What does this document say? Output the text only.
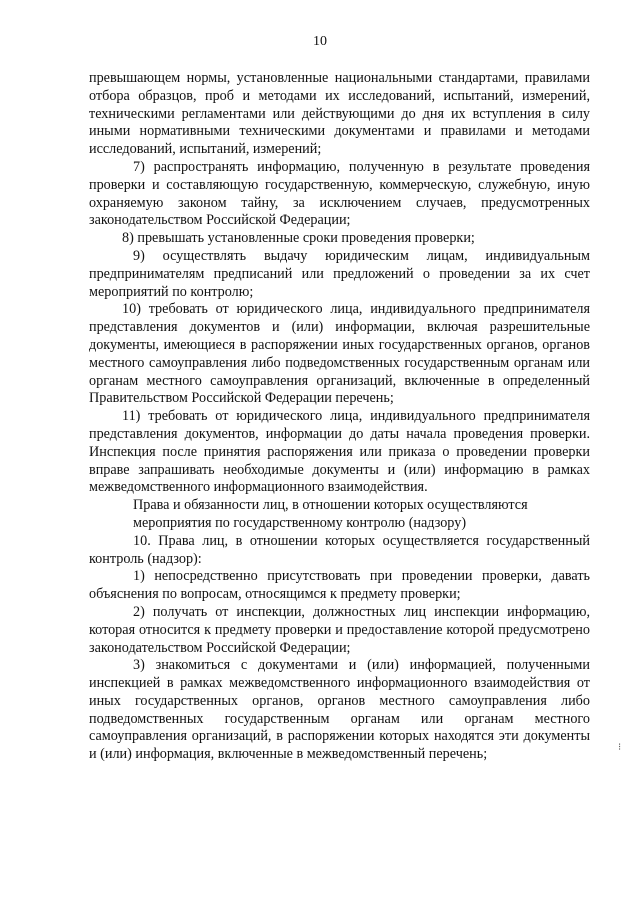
10

превышающем нормы, установленные национальными стандартами, правилами отбора образцов, проб и методами их исследований, испытаний, измерений, техническими регламентами или действующими до дня их вступления в силу иными нормативными техническими документами и правилами и методами исследований, испытаний, измерений;

7) распространять информацию, полученную в результате проведения проверки и составляющую государственную, коммерческую, служебную, иную охраняемую законом тайну, за исключением случаев, предусмотренных законодательством Российской Федерации;

8) превышать установленные сроки проведения проверки;

9) осуществлять выдачу юридическим лицам, индивидуальным предпринимателям предписаний или предложений о проведении за их счет мероприятий по контролю;

10) требовать от юридического лица, индивидуального предпринимателя представления документов и (или) информации, включая разрешительные документы, имеющиеся в распоряжении иных государственных органов, органов местного самоуправления либо подведомственных государственным органам или органам местного самоуправления организаций, включенные в определенный Правительством Российской Федерации перечень;

11) требовать от юридического лица, индивидуального предпринимателя представления документов, информации до даты начала проведения проверки. Инспекция после принятия распоряжения или приказа о проведении проверки вправе запрашивать необходимые документы и (или) информацию в рамках межведомственного информационного взаимодействия.

Права и обязанности лиц, в отношении которых осуществляются
мероприятия по государственному контролю (надзору)

10. Права лиц, в отношении которых осуществляется государственный контроль (надзор):

1) непосредственно присутствовать при проведении проверки, давать объяснения по вопросам, относящимся к предмету проверки;

2) получать от инспекции, должностных лиц инспекции информацию, которая относится к предмету проверки и предоставление которой предусмотрено законодательством Российской Федерации;

3) знакомиться с документами и (или) информацией, полученными инспекцией в рамках межведомственного информационного взаимодействия от иных государственных органов, органов местного самоуправления либо подведомственных государственным органам или органам местного самоуправления организаций, в распоряжении которых находятся эти документы и (или) информация, включенные в межведомственный перечень;	⁝
